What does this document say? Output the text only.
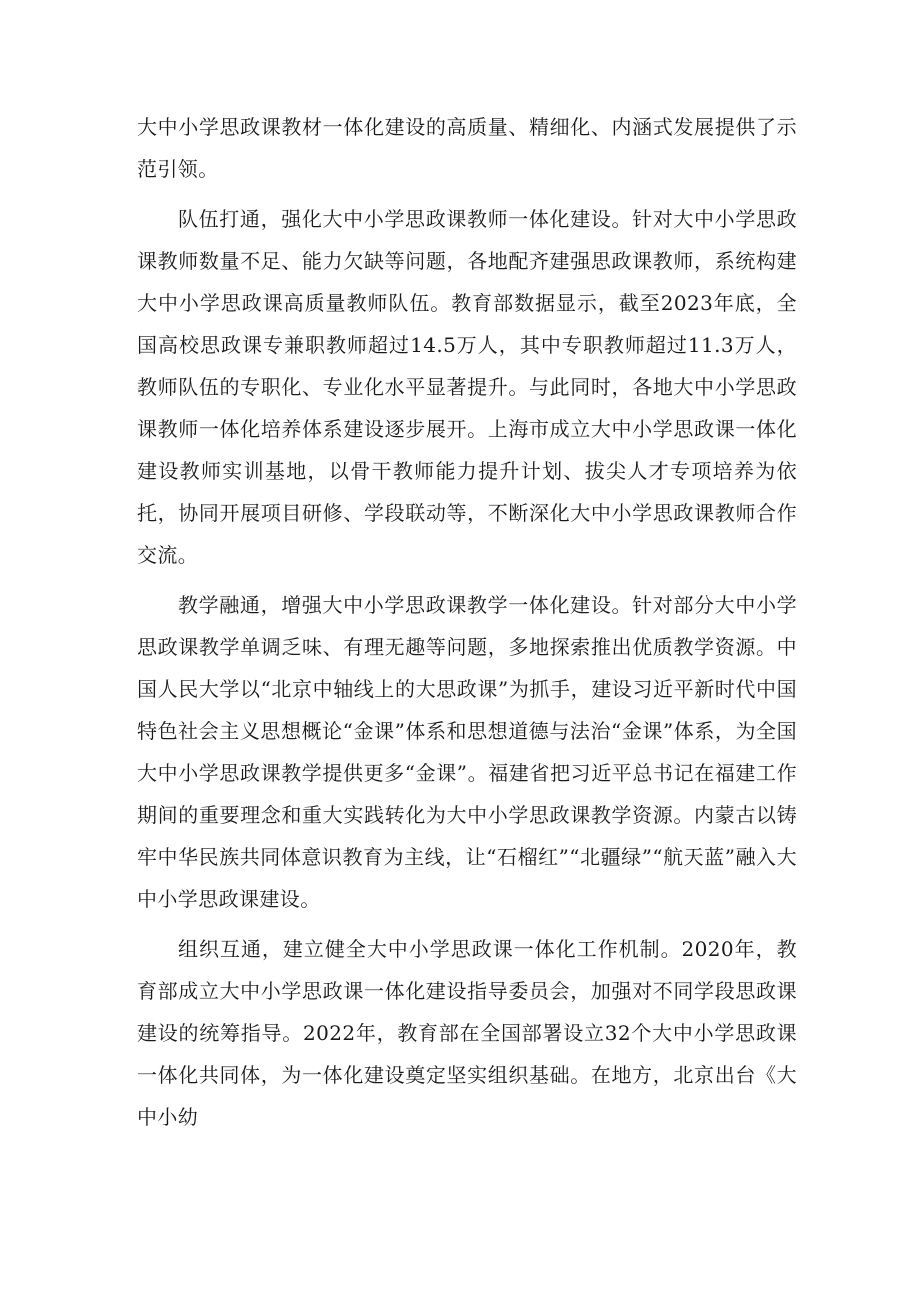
大中小学思政课教材一体化建设的高质量、精细化、内涵式发展提供了示范引领。

队伍打通，强化大中小学思政课教师一体化建设。针对大中小学思政课教师数量不足、能力欠缺等问题，各地配齐建强思政课教师，系统构建大中小学思政课高质量教师队伍。教育部数据显示，截至2023年底，全国高校思政课专兼职教师超过14.5万人，其中专职教师超过11.3万人，教师队伍的专职化、专业化水平显著提升。与此同时，各地大中小学思政课教师一体化培养体系建设逐步展开。上海市成立大中小学思政课一体化建设教师实训基地，以骨干教师能力提升计划、拔尖人才专项培养为依托，协同开展项目研修、学段联动等，不断深化大中小学思政课教师合作交流。

教学融通，增强大中小学思政课教学一体化建设。针对部分大中小学思政课教学单调乏味、有理无趣等问题，多地探索推出优质教学资源。中国人民大学以“北京中轴线上的大思政课”为抓手，建设习近平新时代中国特色社会主义思想概论“金课”体系和思想道德与法治“金课”体系，为全国大中小学思政课教学提供更多“金课”。福建省把习近平总书记在福建工作期间的重要理念和重大实践转化为大中小学思政课教学资源。内蒙古以铸牢中华民族共同体意识教育为主线，让“石榴红”“北疆绿”“航天蓝”融入大中小学思政课建设。

组织互通，建立健全大中小学思政课一体化工作机制。2020年，教育部成立大中小学思政课一体化建设指导委员会，加强对不同学段思政课建设的统筹指导。2022年，教育部在全国部署设立32个大中小学思政课一体化共同体，为一体化建设奠定坚实组织基础。在地方，北京出台《大中小幼
